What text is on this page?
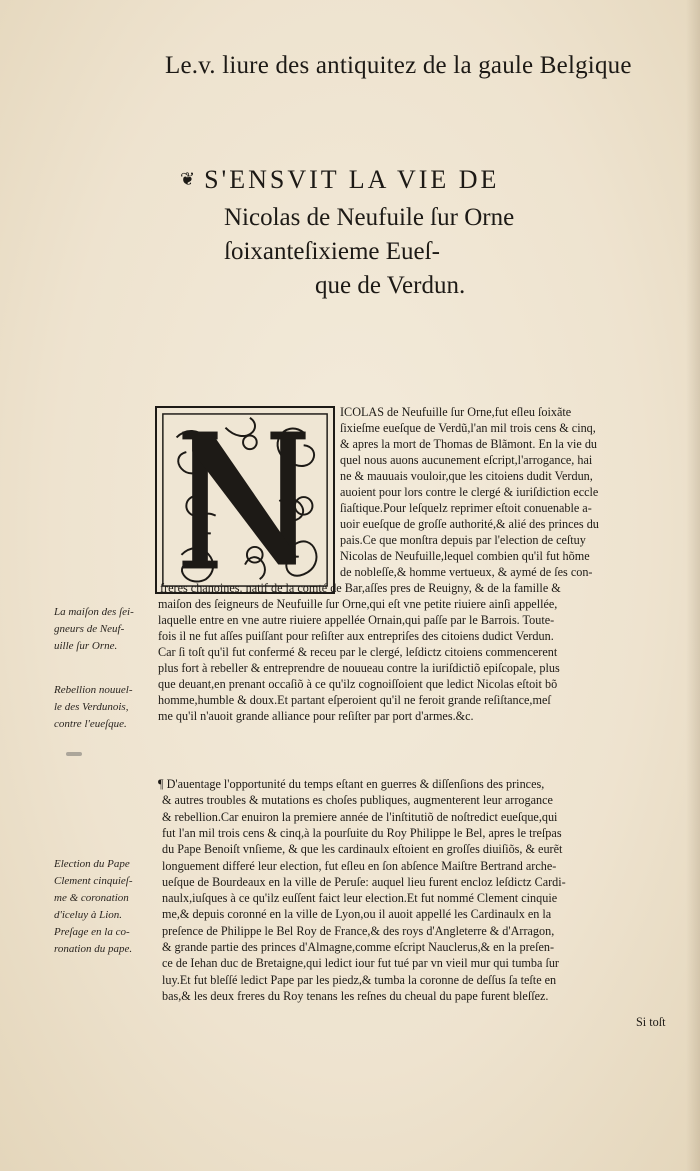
Le.v. liure des antiquitez de la gaule Belgique
❦ S'ENSVIT LA VIE DE
Nicolas de Neufuile ſur Orne
ſoixanteſixieme Eueſ-
que de Verdun.
ICOLAS de Neufuille ſur Orne,fut eſleu ſoixãte
ſixieſme eueſque de Verdũ,l'an mil trois cens & cinq,
& apres la mort de Thomas de Blãmont. En la vie du
quel nous auons aucunement eſcript,l'arrogance, hai
ne & mauuais vouloir,que les citoiens dudit Verdun,
auoient pour lors contre le clergé & iuriſdiction eccle
ſiaſtique.Pour leſquelz reprimer eſtoit conuenable a-
uoir eueſque de groſſe authorité,& alié des princes du
pais.Ce que monſtra depuis par l'election de ceſtuy
Nicolas de Neufuille,lequel combien qu'il fut hõme
de nobleſſe,& homme vertueux, & aymé de ſes con-
freres chanoines. natif de la comté de Bar,aſſes pres de Reuigny, & de la famille &
maiſon des ſeigneurs de Neufuille ſur Orne,qui eſt vne petite riuiere ainſi appellée,
laquelle entre en vne autre riuiere appellée Ornain,qui paſſe par le Barrois. Toute-
fois il ne fut aſſes puiſſant pour reſiſter aux entrepriſes des citoiens dudict Verdun.
Car ſi toſt qu'il fut confermé & receu par le clergé, leſdictz citoiens commencerent
plus fort à rebeller & entreprendre de nouueau contre la iuriſdictiõ epiſcopale, plus
que deuant,en prenant occaſiõ à ce qu'ilz cognoiſſoient que ledict Nicolas eſtoit bõ
homme,humble & doux.Et partant eſperoient qu'il ne feroit grande reſiſtance,meſ
me qu'il n'auoit grande alliance pour reſiſter par port d'armes.&c.
¶ D'auentage l'opportunité du temps eſtant en guerres & diſſenſions des princes,
& autres troubles & mutations es choſes publiques, augmenterent leur arrogance
& rebellion.Car enuiron la premiere année de l'inſtitutiõ de noſtredict eueſque,qui
fut l'an mil trois cens & cinq,à la pourſuite du Roy Philippe le Bel, apres le treſpas
du Pape Benoiſt vnſieme, & que les cardinaulx eſtoient en groſſes diuiſiõs, & eurẽt
longuement differé leur election, fut eſleu en ſon abſence Maiſtre Bertrand arche-
ueſque de Bourdeaux en la ville de Peruſe: auquel lieu furent encloz leſdictz Cardi-
naulx,iuſques à ce qu'ilz euſſent faict leur election.Et fut nommé Clement cinquie
me,& depuis coronné en la ville de Lyon,ou il auoit appellé les Cardinaulx en la
preſence de Philippe le Bel Roy de France,& des roys d'Angleterre & d'Arragon,
& grande partie des princes d'Almagne,comme eſcript Nauclerus,& en la preſen-
ce de Iehan duc de Bretaigne,qui ledict iour fut tué par vn vieil mur qui tumba ſur
luy.Et fut bleſſé ledict Pape par les piedz,& tumba la coronne de deſſus ſa teſte en
bas,& les deux freres du Roy tenans les reſnes du cheual du pape furent bleſſez.
La maiſon des ſei-
gneurs de Neuf-
uille ſur Orne.
Rebellion nouuel-
le des Verdunois,
contre l'eueſque.
Election du Pape
Clement cinquieſ-
me & coronation
d'iceluy à Lion.
Preſage en la co-
ronation du pape.
Si toſt
